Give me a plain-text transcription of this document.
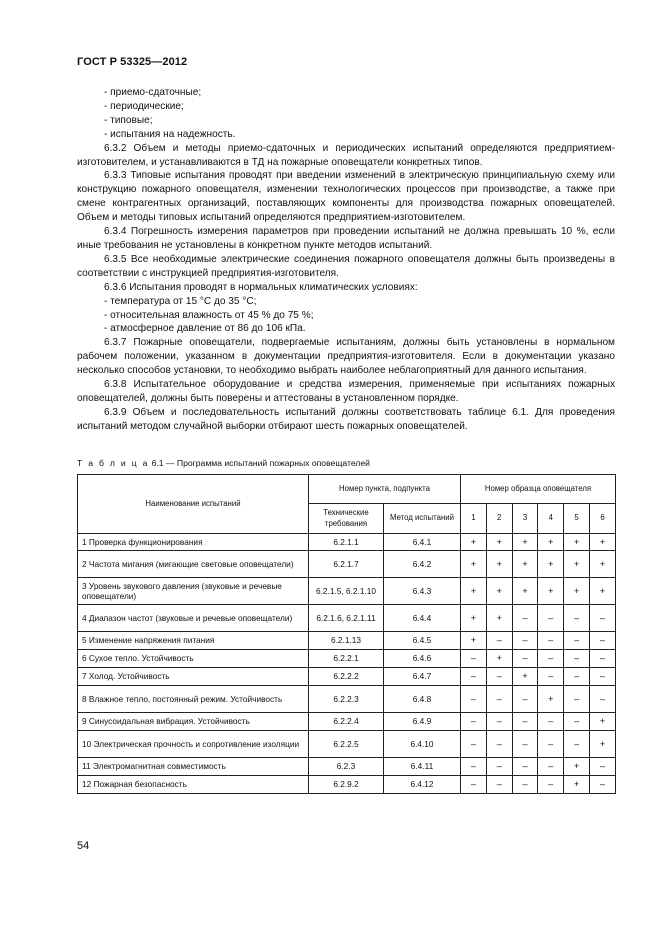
ГОСТ Р 53325—2012

- приемо-сдаточные;

- периодические;

- типовые;

- испытания на надежность.

6.3.2 Объем и методы приемо-сдаточных и периодических испытаний определяются предприятием-изготовителем, и устанавливаются в ТД на пожарные оповещатели конкретных типов.

6.3.3 Типовые испытания проводят при введении изменений в электрическую принципиальную схему или конструкцию пожарного оповещателя, изменении технологических процессов при производстве, а также при смене контрагентных организаций, поставляющих компоненты для производства пожарных оповещателей. Объем и методы типовых испытаний определяются предприятием-изготовителем.

6.3.4 Погрешность измерения параметров при проведении испытаний не должна превышать 10 %, если иные требования не установлены в конкретном пункте методов испытаний.

6.3.5 Все необходимые электрические соединения пожарного оповещателя должны быть произведены в соответствии с инструкцией предприятия-изготовителя.

6.3.6 Испытания проводят в нормальных климатических условиях:

- температура от 15 °C до 35 °C;

- относительная влажность от 45 % до 75 %;

- атмосферное давление от 86 до 106 кПа.

6.3.7 Пожарные оповещатели, подвергаемые испытаниям, должны быть установлены в нормальном рабочем положении, указанном в документации предприятия-изготовителя. Если в документации указано несколько способов установки, то необходимо выбрать наиболее неблагоприятный для данного испытания.

6.3.8 Испытательное оборудование и средства измерения, применяемые при испытаниях пожарных оповещателей, должны быть поверены и аттестованы в установленном порядке.

6.3.9 Объем и последовательность испытаний должны соответствовать таблице 6.1. Для проведения испытаний методом случайной выборки отбирают шесть пожарных оповещателей.

Т а б л и ц а 6.1 — Программа испытаний пожарных оповещателей
Наименование испытаний	Номер пункта, подпункта		Номер образца оповещателя					
	Технические требования	Метод испытаний	1	2	3	4	5	6
1 Проверка функционирования	6.2.1.1	6.4.1	+	+	+	+	+	+
2 Частота мигания (мигающие световые оповещатели)	6.2.1.7	6.4.2	+	+	+	+	+	+
3 Уровень звукового давления (звуковые и речевые оповещатели)	6.2.1.5, 6.2.1.10	6.4.3	+	+	+	+	+	+
4 Диапазон частот (звуковые и речевые оповещатели)	6.2.1.6, 6.2.1.11	6.4.4	+	+	–	–	–	–
5 Изменение напряжения питания	6.2.1.13	6.4.5	+	–	–	–	–	–
6 Сухое тепло. Устойчивость	6.2.2.1	6.4.6	–	+	–	–	–	–
7 Холод. Устойчивость	6.2.2.2	6.4.7	–	–	+	–	–	–
8 Влажное тепло, постоянный режим. Устойчивость	6.2.2.3	6.4.8	–	–	–	+	–	–
9 Синусоидальная вибрация. Устойчивость	6.2.2.4	6.4.9	–	–	–	–	–	+
10 Электрическая прочность и сопротивление изоляции	6.2.2.5	6.4.10	–	–	–	–	–	+
11 Электромагнитная совместимость	6.2.3	6.4.11	–	–	–	–	+	–
12 Пожарная безопасность	6.2.9.2	6.4.12	–	–	–	–	+	–
54
